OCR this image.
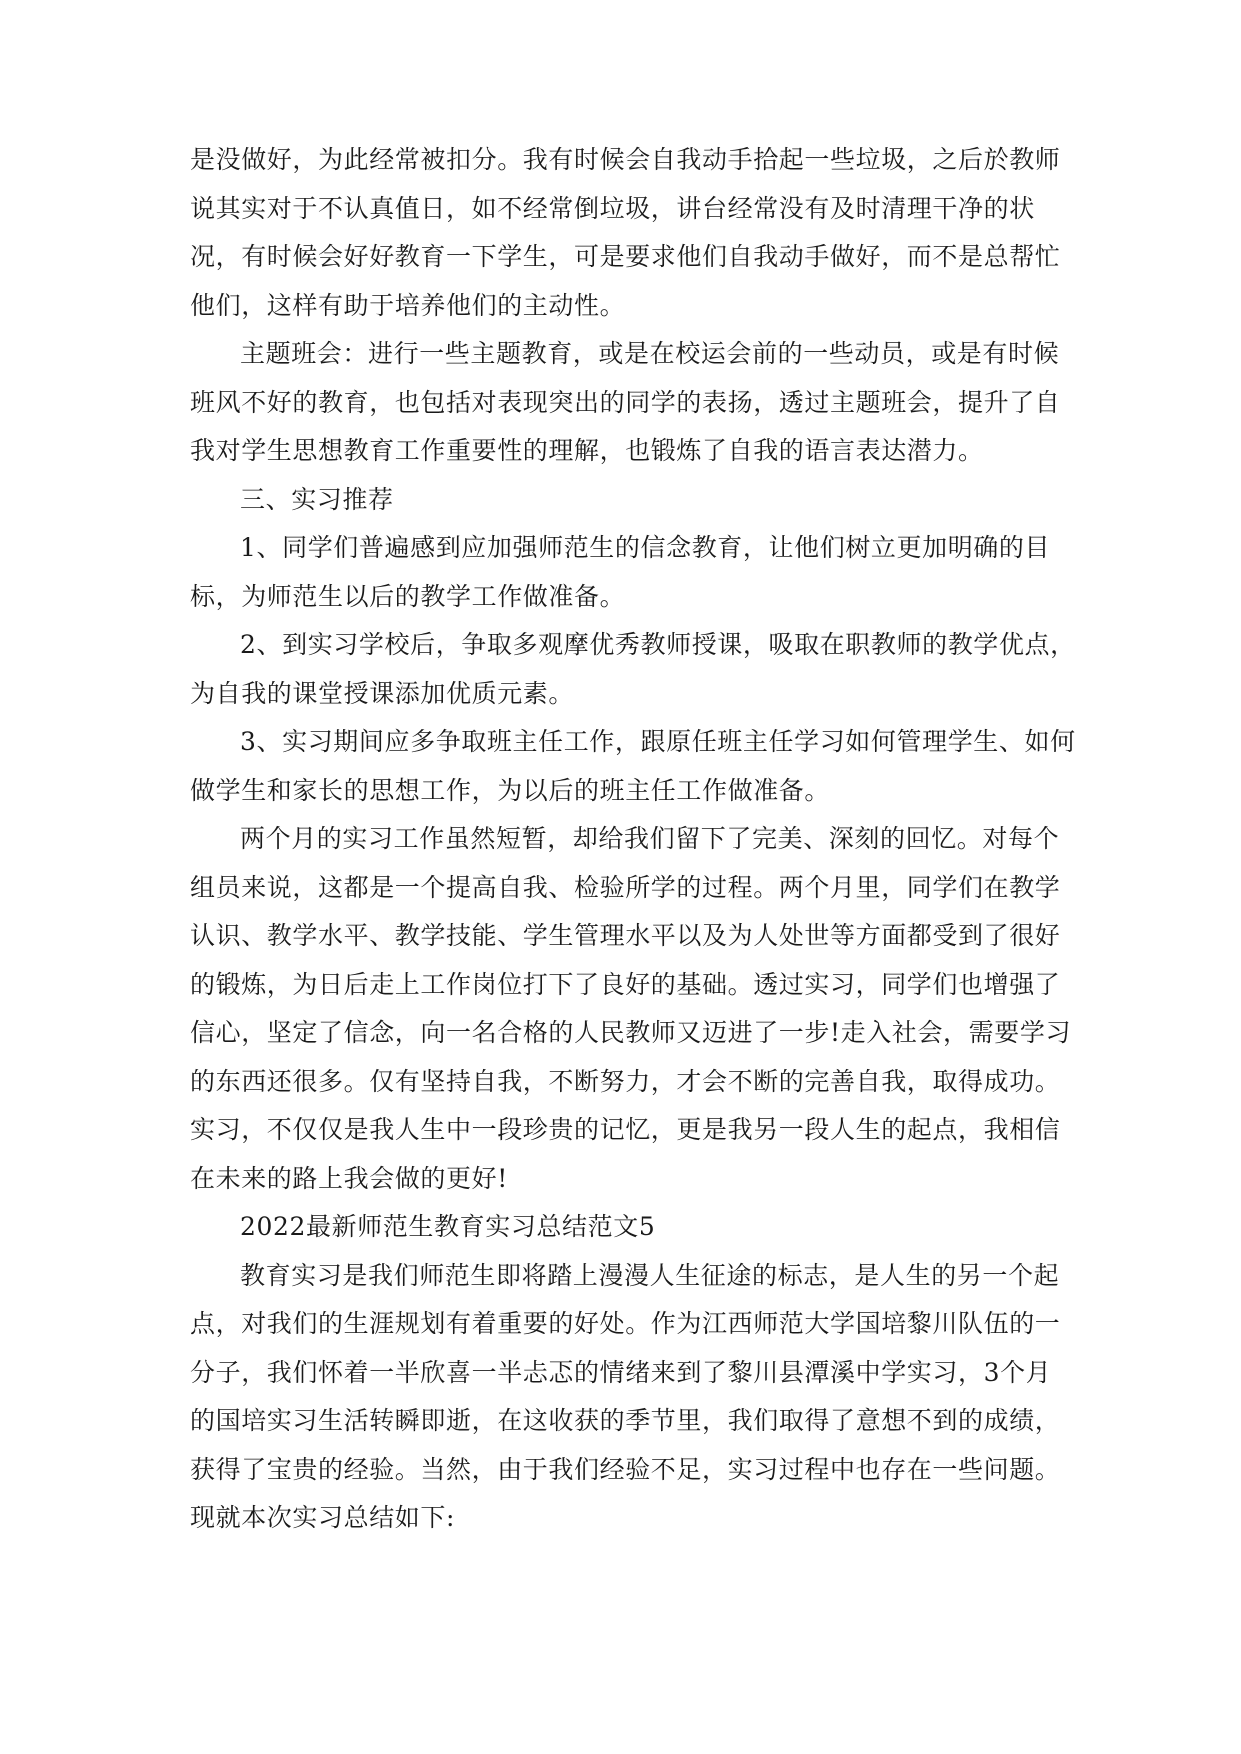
是没做好，为此经常被扣分。我有时候会自我动手拾起一些垃圾，之后於教师

说其实对于不认真值日，如不经常倒垃圾，讲台经常没有及时清理干净的状

况，有时候会好好教育一下学生，可是要求他们自我动手做好，而不是总帮忙

他们，这样有助于培养他们的主动性。

主题班会：进行一些主题教育，或是在校运会前的一些动员，或是有时候

班风不好的教育，也包括对表现突出的同学的表扬，透过主题班会，提升了自

我对学生思想教育工作重要性的理解，也锻炼了自我的语言表达潜力。

三、实习推荐

1、同学们普遍感到应加强师范生的信念教育，让他们树立更加明确的目

标，为师范生以后的教学工作做准备。

2、到实习学校后，争取多观摩优秀教师授课，吸取在职教师的教学优点，

为自我的课堂授课添加优质元素。

3、实习期间应多争取班主任工作，跟原任班主任学习如何管理学生、如何

做学生和家长的思想工作，为以后的班主任工作做准备。

两个月的实习工作虽然短暂，却给我们留下了完美、深刻的回忆。对每个

组员来说，这都是一个提高自我、检验所学的过程。两个月里，同学们在教学

认识、教学水平、教学技能、学生管理水平以及为人处世等方面都受到了很好

的锻炼，为日后走上工作岗位打下了良好的基础。透过实习，同学们也增强了

信心，坚定了信念，向一名合格的人民教师又迈进了一步!走入社会，需要学习

的东西还很多。仅有坚持自我，不断努力，才会不断的完善自我，取得成功。

实习，不仅仅是我人生中一段珍贵的记忆，更是我另一段人生的起点，我相信

在未来的路上我会做的更好!

2022最新师范生教育实习总结范文5

教育实习是我们师范生即将踏上漫漫人生征途的标志，是人生的另一个起

点，对我们的生涯规划有着重要的好处。作为江西师范大学国培黎川队伍的一

分子，我们怀着一半欣喜一半忐忑的情绪来到了黎川县潭溪中学实习，3个月

的国培实习生活转瞬即逝，在这收获的季节里，我们取得了意想不到的成绩，

获得了宝贵的经验。当然，由于我们经验不足，实习过程中也存在一些问题。

现就本次实习总结如下:
